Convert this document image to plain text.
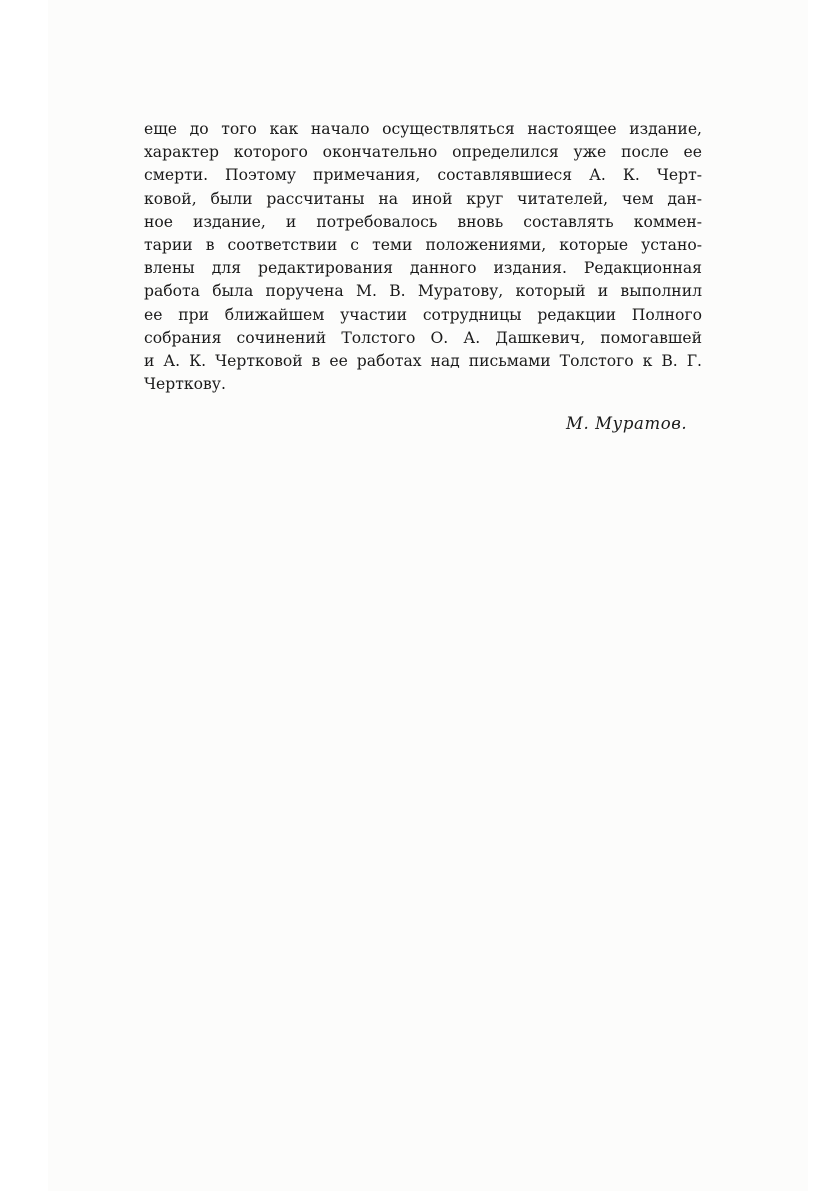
еще до того как начало осуществляться настоящее издание,
характер которого окончательно определился уже после ее
смерти. Поэтому примечания, составлявшиеся А. К. Черт-
ковой, были рассчитаны на иной круг читателей, чем дан-
ное издание, и потребовалось вновь составлять коммен-
тарии в соответствии с теми положениями, которые устано-
влены для редактирования данного издания. Редакционная
работа была поручена М. В. Муратову, который и выполнил
ее при ближайшем участии сотрудницы редакции Полного
собрания сочинений Толстого О. А. Дашкевич, помогавшей
и А. К. Чертковой в ее работах над письмами Толстого к В. Г.
Черткову.
М. Муратов.
